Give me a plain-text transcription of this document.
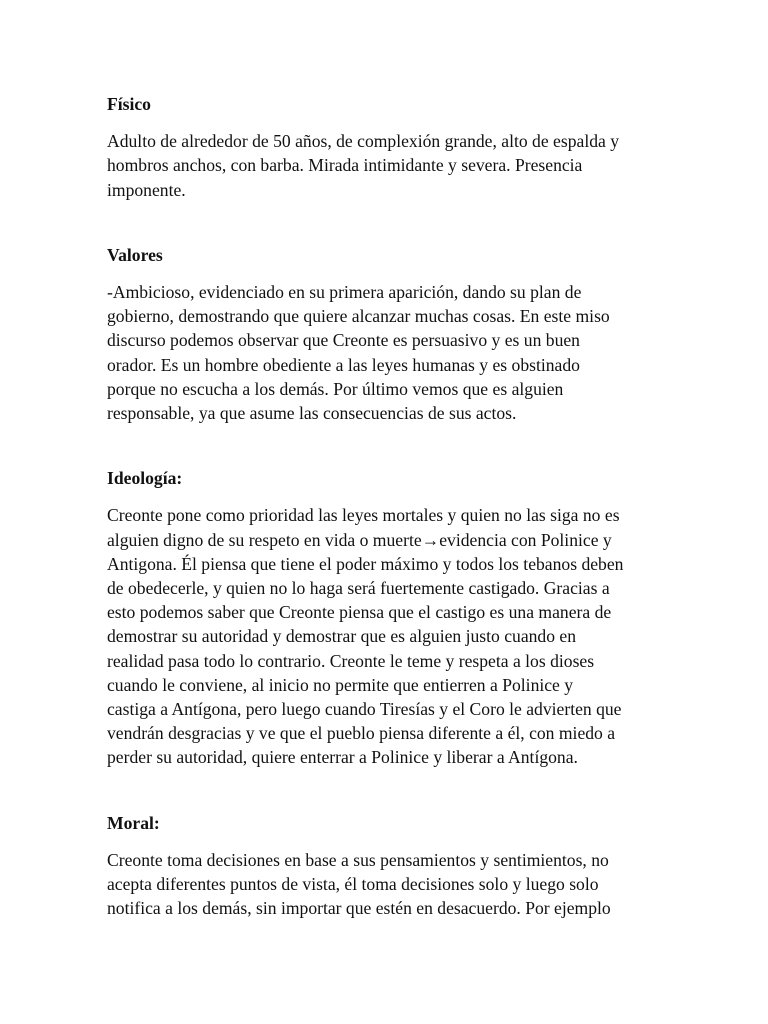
Físico
Adulto de alrededor de 50 años, de complexión grande, alto de espalda y
hombros anchos, con barba. Mirada intimidante y severa. Presencia
imponente.
Valores
-Ambicioso, evidenciado en su primera aparición, dando su plan de
gobierno, demostrando que quiere alcanzar muchas cosas. En este miso
discurso podemos observar que Creonte es persuasivo y es un buen
orador. Es un hombre obediente a las leyes humanas y es obstinado
porque no escucha a los demás. Por último vemos que es alguien
responsable, ya que asume las consecuencias de sus actos.
Ideología:
Creonte pone como prioridad las leyes mortales y quien no las siga no es
alguien digno de su respeto en vida o muerte→evidencia con Polinice y
Antigona. Él piensa que tiene el poder máximo y todos los tebanos deben
de obedecerle, y quien no lo haga será fuertemente castigado. Gracias a
esto podemos saber que Creonte piensa que el castigo es una manera de
demostrar su autoridad y demostrar que es alguien justo cuando en
realidad pasa todo lo contrario. Creonte le teme y respeta a los dioses
cuando le conviene, al inicio no permite que entierren a Polinice y
castiga a Antígona, pero luego cuando Tiresías y el Coro le advierten que
vendrán desgracias y ve que el pueblo piensa diferente a él, con miedo a
perder su autoridad, quiere enterrar a Polinice y liberar a Antígona.
Moral:
Creonte toma decisiones en base a sus pensamientos y sentimientos, no
acepta diferentes puntos de vista, él toma decisiones solo y luego solo
notifica a los demás, sin importar que estén en desacuerdo. Por ejemplo
